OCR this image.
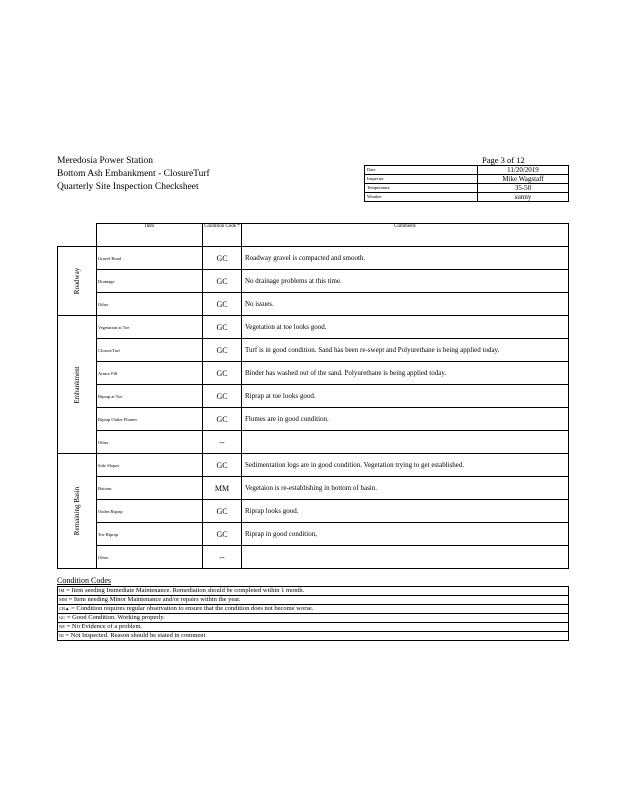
Meredosia Power Station
Bottom Ash Embankment - ClosureTurf
Quarterly Site Inspection Checksheet
Page 3 of 12
Date	11/20/2019
Inspector	Mike Wagstaff
Temperature	35-50
Weather	sunny
	Item	Condition Code *	Comments

Roadway	Gravel Road	GC	Roadway gravel is compacted and smooth.
	Drainage	GC	No drainage problems at this time.
	Other	GC	No issues.

Embankment	Vegetation at Toe	GC	Vegetation at toe looks good.
	ClosureTurf	GC	Turf is in good condition. Sand has been re-swept and Polyurethane is being applied today.
	Armor Fill	GC	Binder has washed out of the sand. Polyurethane is being applied today.
	Riprap at Toe	GC	Riprap at toe looks good.
	Riprap Outlet Flumes	GC	Flumes are in good condition.
	Other	--	

Remaining Basin	Side Slopes	GC	Sedimentation logs are in good condition. Vegetation trying to get established.
	Bottom	MM	Vegetaion is re-establishing in bottom of basin.
	Outlet Riprap	GC	Riprap looks good.
	Toe Riprap	GC	Riprap in good condition,
	Other	--	
Condition Codes
IM = Item seeding Immediate Maintenance. Remediation should be completed within 1 month.
MM = Item needing Minor Maintenance and/or repairs within the year.
CB▲ = Condition requires regular observation to ensure that the condition does not become worse.
GC = Good Condition. Working properly.
NE = No Evidence of a problem.
NI = Not Inspected. Reason should be stated in comment
